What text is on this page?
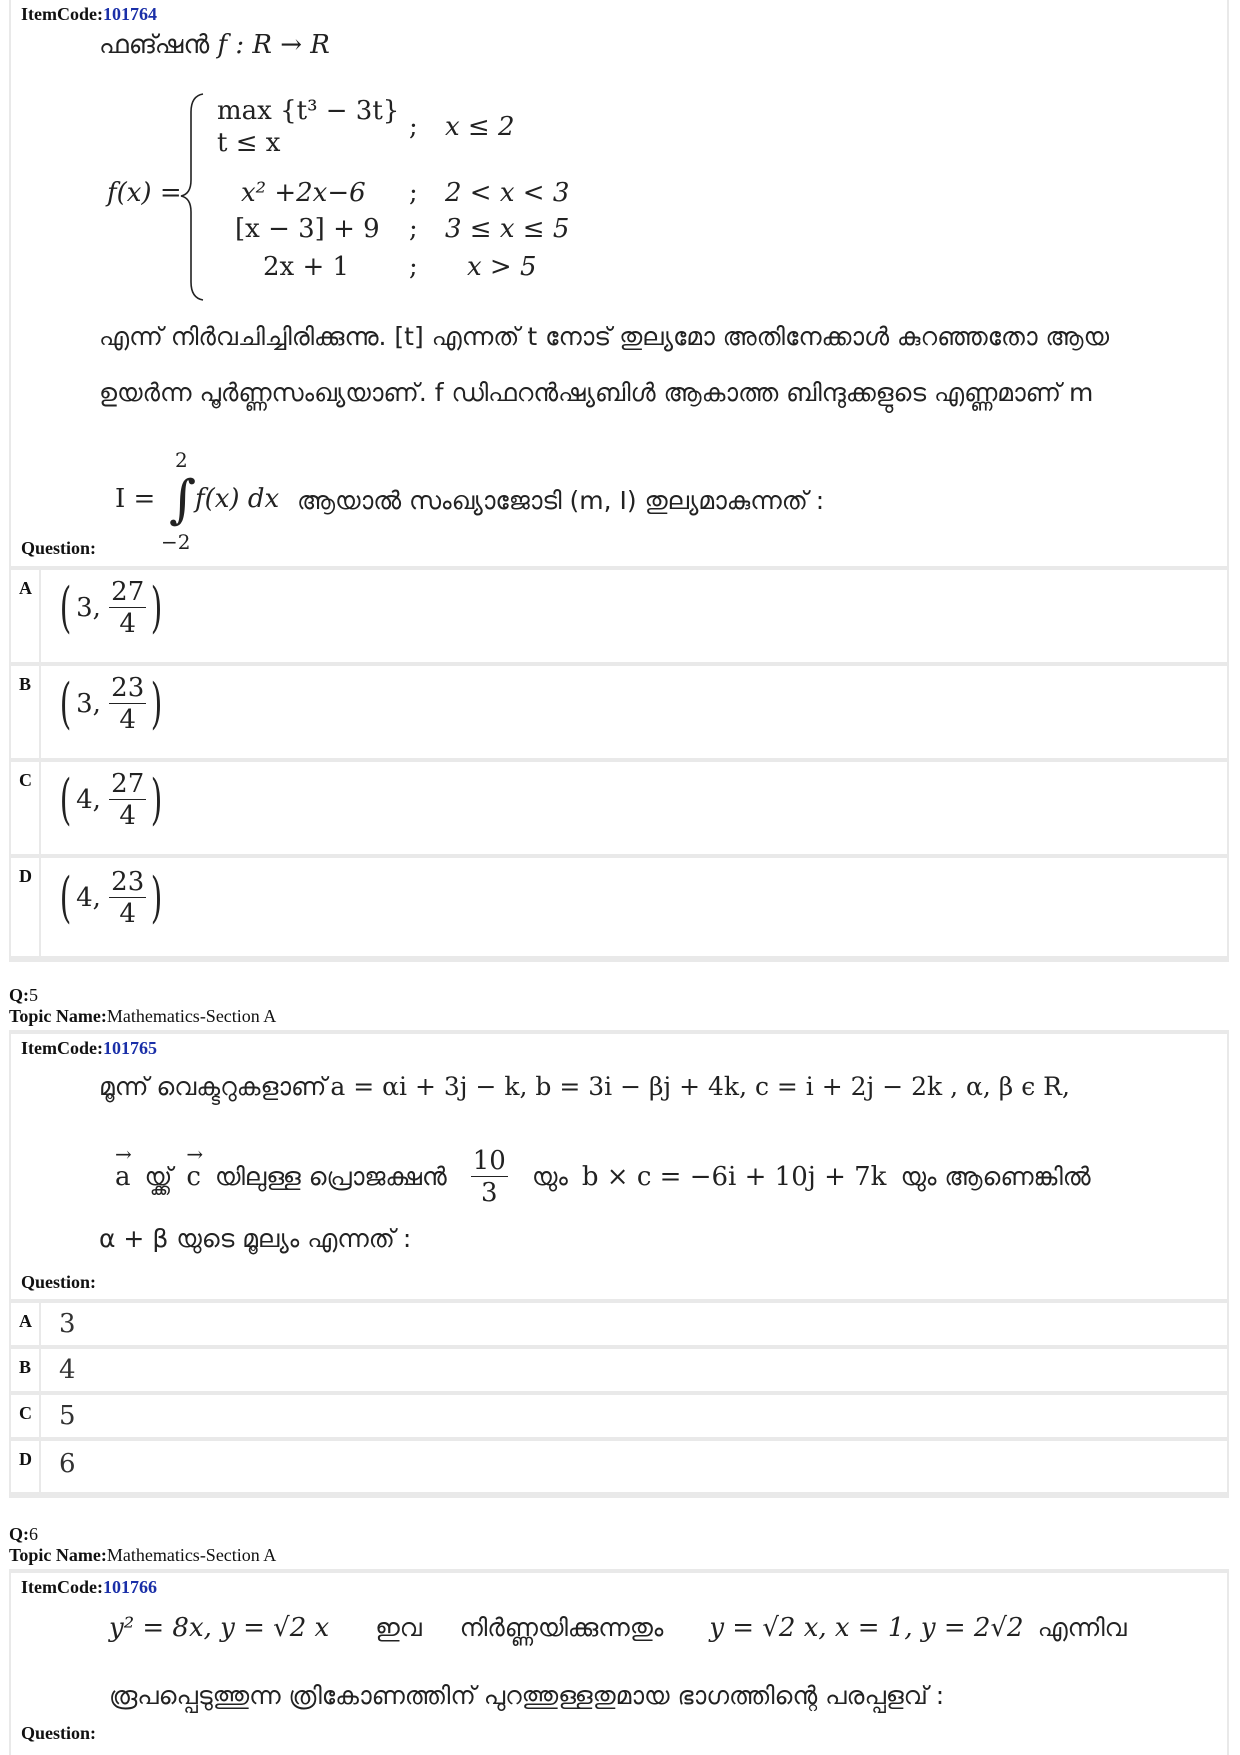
ItemCode:101764
ഫങ്ഷൻ f : R → R
f(x) =
max {t³ − 3t}
t ≤ x
; x ≤ 2
x² +2x−6 ; 2 < x < 3
[x − 3] + 9 ; 3 ≤ x ≤ 5
2x + 1 ; x > 5
എന്ന് നിർവചിച്ചിരിക്കുന്നു. [t] എന്നത് t നോട് തുല്യമോ അതിനേക്കാൾ കുറഞ്ഞതോ ആയ
ഉയർന്ന പൂർണ്ണസംഖ്യയാണ്. f ഡിഫറൻഷ്യബിൾ ആകാത്ത ബിന്ദുക്കളുടെ എണ്ണമാണ് m
I =
2
∫
−2
f(x) dx ആയാൽ സംഖ്യാജോടി (m, I) തുല്യമാകുന്നത് :
Question:
A ( 3,
$\frac{27}{4}$ )
B ( 3,
$\frac{23}{4}$ )
C ( 4,
$\frac{27}{4}$ )
D ( 4,
$\frac{23}{4}$ )
Q:5
Topic Name:Mathematics-Section A
ItemCode:101765
മൂന്ന് വെക്ടറുകളാണ് a = αi + 3j − k, b = 3i − βj + 4k, c = i + 2j − 2k , α, β ϵ R,
→ a യ്ക്ക്
→ c യിലുള്ള പ്രൊജക്ഷൻ $\frac{10}{3}$ യും b × c = −6i + 10j + 7k യും ആണെങ്കിൽ
α + β യുടെ മൂല്യം എന്നത് :
Question:
A 3
B	4
C 5
D 6
Q:6
Topic Name:Mathematics-Section A
ItemCode:101766
y² = 8x, y = √2 x ഇവ നിർണ്ണയിക്കുന്നതും y = √2 x, x = 1, y = 2√2 എന്നിവ
രൂപപ്പെടുത്തുന്ന ത്രികോണത്തിന് പുറത്തുള്ളതുമായ ഭാഗത്തിന്റെ പരപ്പളവ് :
Question:
